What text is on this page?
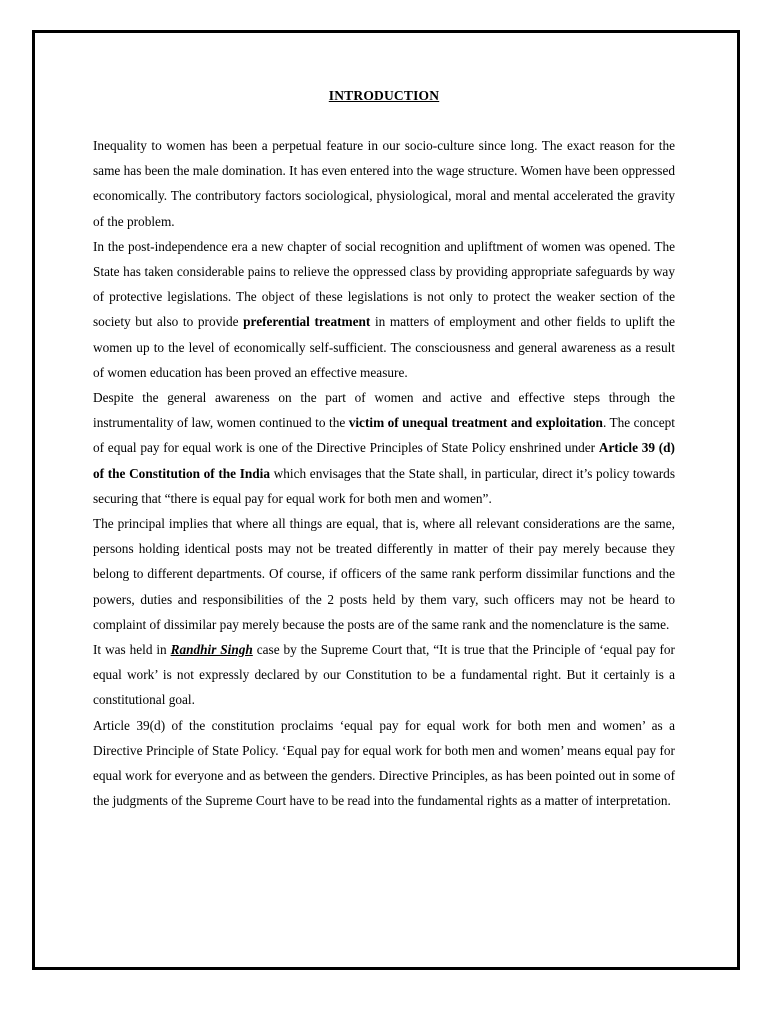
INTRODUCTION

Inequality to women has been a perpetual feature in our socio-culture since long. The exact reason for the same has been the male domination. It has even entered into the wage structure. Women have been oppressed economically. The contributory factors sociological, physiological, moral and mental accelerated the gravity of the problem.

In the post-independence era a new chapter of social recognition and upliftment of women was opened. The State has taken considerable pains to relieve the oppressed class by providing appropriate safeguards by way of protective legislations. The object of these legislations is not only to protect the weaker section of the society but also to provide preferential treatment in matters of employment and other fields to uplift the women up to the level of economically self-sufficient. The consciousness and general awareness as a result of women education has been proved an effective measure.

Despite the general awareness on the part of women and active and effective steps through the instrumentality of law, women continued to the victim of unequal treatment and exploitation. The concept of equal pay for equal work is one of the Directive Principles of State Policy enshrined under Article 39 (d) of the Constitution of the India which envisages that the State shall, in particular, direct it’s policy towards securing that “there is equal pay for equal work for both men and women”.

The principal implies that where all things are equal, that is, where all relevant considerations are the same, persons holding identical posts may not be treated differently in matter of their pay merely because they belong to different departments. Of course, if officers of the same rank perform dissimilar functions and the powers, duties and responsibilities of the 2 posts held by them vary, such officers may not be heard to complaint of dissimilar pay merely because the posts are of the same rank and the nomenclature is the same.

It was held in Randhir Singh case by the Supreme Court that, “It is true that the Principle of ‘equal pay for equal work’ is not expressly declared by our Constitution to be a fundamental right. But it certainly is a constitutional goal.

Article 39(d) of the constitution proclaims ‘equal pay for equal work for both men and women’ as a Directive Principle of State Policy. ‘Equal pay for equal work for both men and women’ means equal pay for equal work for everyone and as between the genders. Directive Principles, as has been pointed out in some of the judgments of the Supreme Court have to be read into the fundamental rights as a matter of interpretation.
